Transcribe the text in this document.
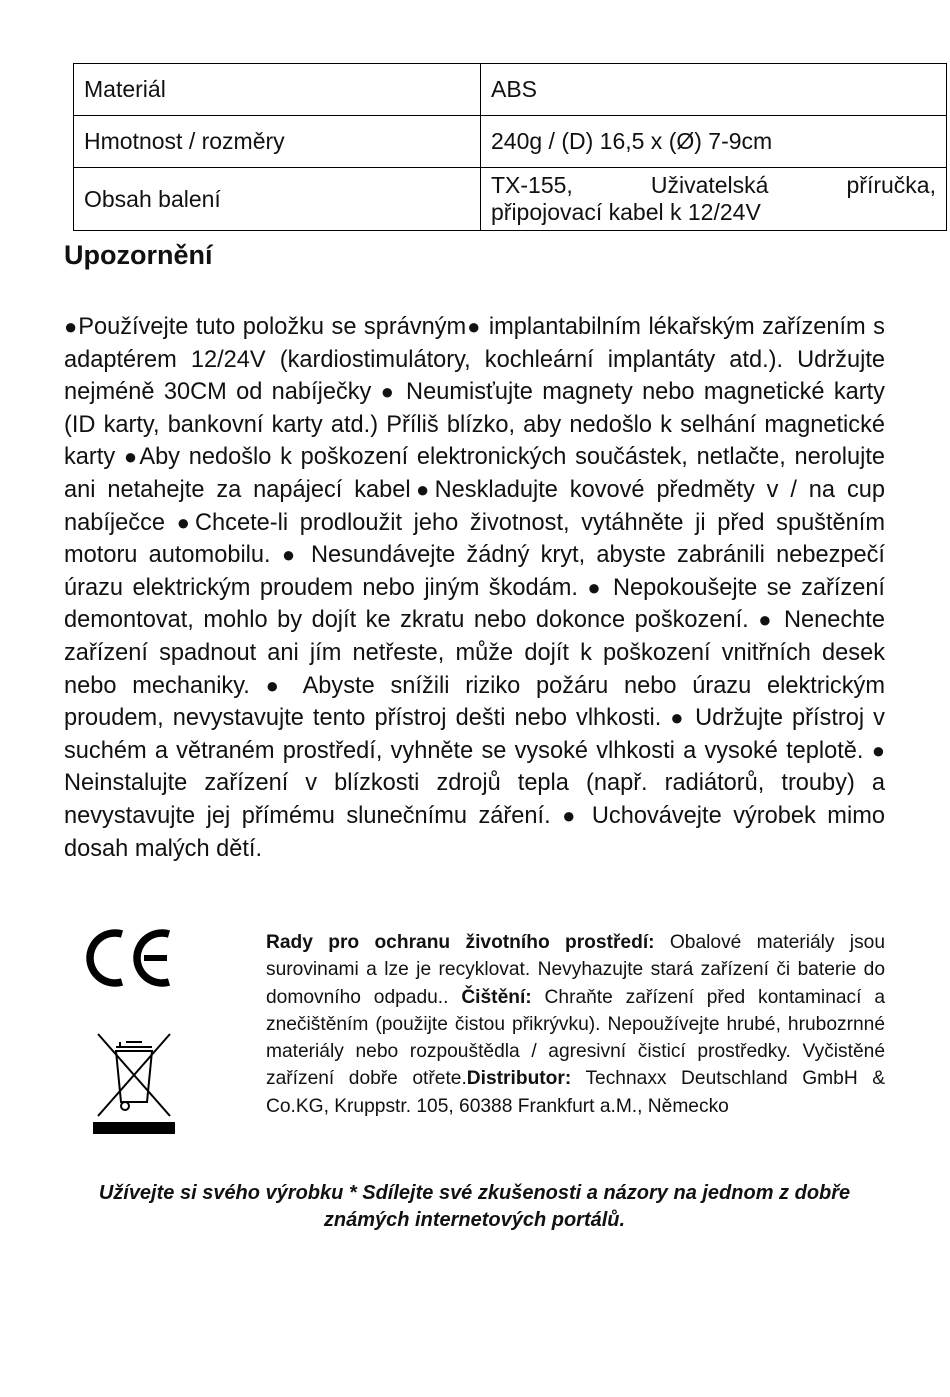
Materiál	ABS
Hmotnost / rozměry	240g / (D) 16,5 x (Ø) 7-9cm
Obsah balení	TX-155, Uživatelská příručka,
připojovací kabel k 12/24V
Upozornění

●Používejte tuto položku se správným● implantabilním lékařským zařízením s adaptérem 12/24V (kardiostimulátory, kochleární implantáty atd.). Udržujte nejméně 30CM od nabíječky ● Neumisťujte magnety nebo magnetické karty (ID karty, bankovní karty atd.) Příliš blízko, aby nedošlo k selhání magnetické karty ●Aby nedošlo k poškození elektronických součástek, netlačte, nerolujte ani netahejte za napájecí kabel●Neskladujte kovové předměty v / na cup nabíječce ●Chcete-li prodloužit jeho životnost, vytáhněte ji před spuštěním motoru automobilu. ● Nesundávejte žádný kryt, abyste zabránili nebezpečí úrazu elektrickým proudem nebo jiným škodám. ● Nepokoušejte se zařízení demontovat, mohlo by dojít ke zkratu nebo dokonce poškození. ● Nenechte zařízení spadnout ani jím netřeste, může dojít k poškození vnitřních desek nebo mechaniky. ● Abyste snížili riziko požáru nebo úrazu elektrickým proudem, nevystavujte tento přístroj dešti nebo vlhkosti. ● Udržujte přístroj v suchém a větraném prostředí, vyhněte se vysoké vlhkosti a vysoké teplotě. ● Neinstalujte zařízení v blízkosti zdrojů tepla (např. radiátorů, trouby) a nevystavujte jej přímému slunečnímu záření. ● Uchovávejte výrobek mimo dosah malých dětí.

Rady pro ochranu životního prostředí: Obalové materiály jsou surovinami a lze je recyklovat. Nevyhazujte stará zařízení či baterie do domovního odpadu.. Čištění: Chraňte zařízení před kontaminací a znečištěním (použijte čistou přikrývku). Nepoužívejte hrubé, hrubozrnné materiály nebo rozpouštědla / agresivní čisticí prostředky. Vyčistěné zařízení dobře otřete.Distributor: Technaxx Deutschland GmbH & Co.KG, Kruppstr. 105, 60388 Frankfurt a.M., Německo

Užívejte si svého výrobku * Sdílejte své zkušenosti a názory na jednom z dobře známých internetových portálů.
